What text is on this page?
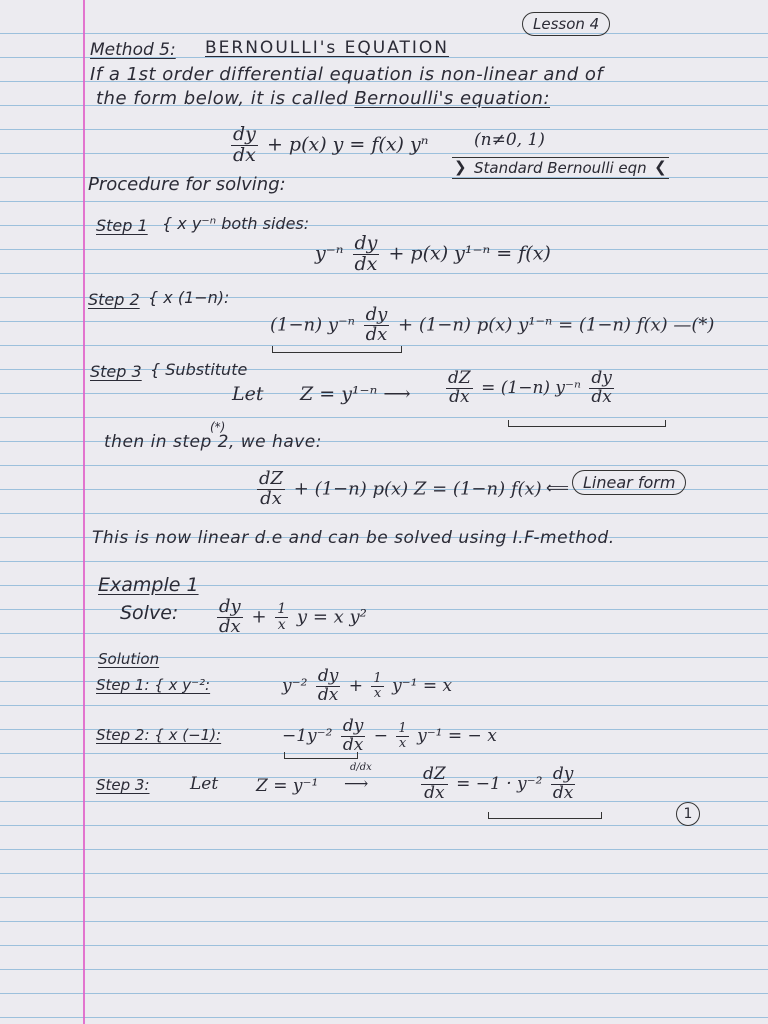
Lesson 4
Method 5: BERNOULLI's EQUATION
If a 1st order differential equation is non-linear and of
the form below, it is called Bernoulli's equation:
$\frac{dy}{dx} + p(x) y = f(x)$ yⁿ	(n≠0, 1)
❯ Standard Bernoulli eqn ❮
Procedure for solving:
Step 1 { x y⁻ⁿ both sides:
$y^{-n} \frac{dy}{dx} + p(x) y^{1-n} = f(x)$
Step 2 { x (1−n):
(1−n) $y^{-n} \frac{dy}{dx} + (1-n)$ p(x) y¹⁻ⁿ = (1−n) f(x) —(*)
Step 3 { Substitute
Let Z = y¹⁻ⁿ ⟶ $\frac{dZ}{dx} = (1-n)$ $y^{-n} \frac{dy}{dx}$
(*)
then in step 2, we have:
$\frac{dZ}{dx} + (1-n)$ p(x) Z = (1−n) f(x) ⟸ Linear form
This is now linear d.e and can be solved using I.F-method.
Example 1
Solve: $\frac{dy}{dx} + \frac{1}{x}$ y = x y²
Solution
Step 1: { x y⁻²:	$y^{-2} \frac{dy}{dx} + \frac{1}{x} y^{-1} = x$
Step 2: { x (−1):	$-1y^{-2} \frac{dy}{dx} - \frac{1}{x} y^{-1}$ = − x
Step 3: Let Z = y⁻¹
d/dx
⟶	$\frac{dZ}{dx} = -1 \cdot y^{-2} \frac{dy}{dx}$
1
